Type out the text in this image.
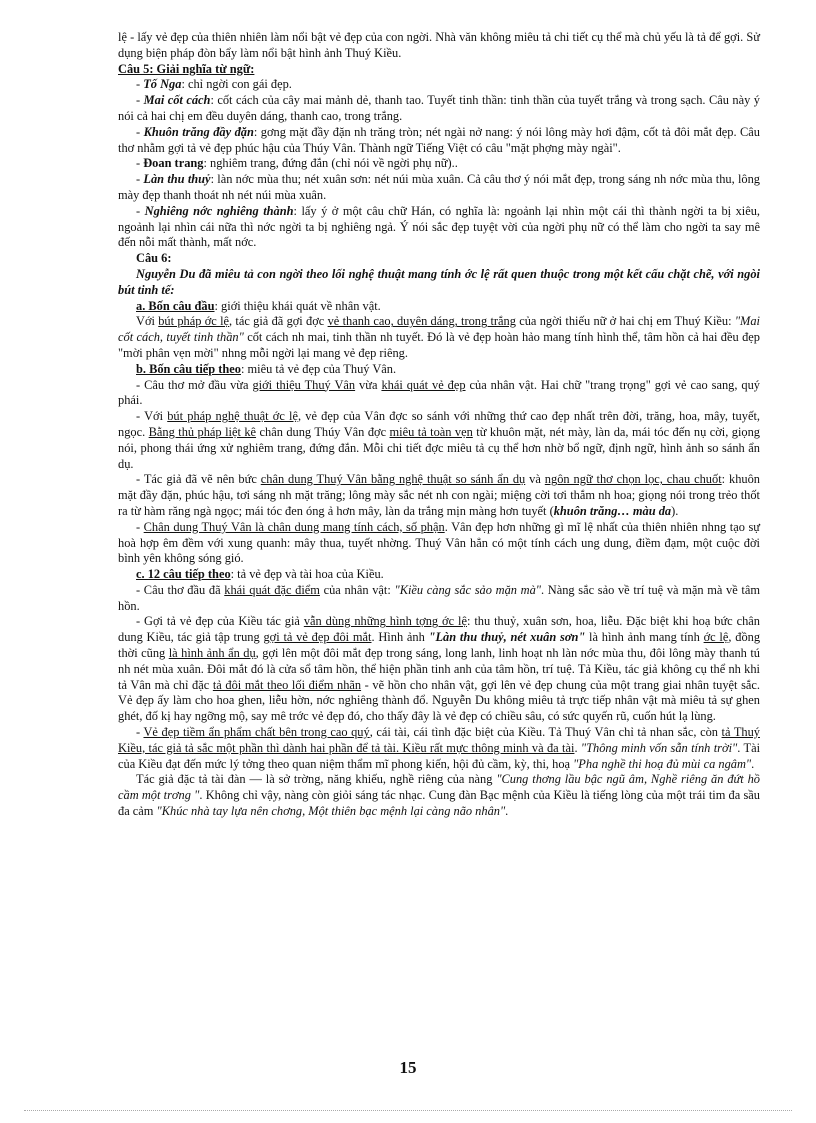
lệ - lấy vẻ đẹp của thiên nhiên làm nổi bật vẻ đẹp của con ngời. Nhà văn không miêu tả chi tiết cụ thể mà chủ yếu là tả để gợi. Sử dụng biện pháp đòn bẩy làm nổi bật hình ảnh Thuý Kiều.

Câu 5: Giải nghĩa từ ngữ:

- Tố Nga: chỉ ngời con gái đẹp.

- Mai cốt cách: cốt cách của cây mai mảnh dẻ, thanh tao. Tuyết tinh thần: tinh thần của tuyết trắng và trong sạch. Câu này ý nói cả hai chị em đều duyên dáng, thanh cao, trong trắng.

- Khuôn trăng đầy đặn: gơng mặt đầy đặn nh trăng tròn; nét ngài nở nang: ý nói lông mày hơi đậm, cốt tả đôi mắt đẹp. Câu thơ nhằm gợi tả vẻ đẹp phúc hậu của Thúy Vân. Thành ngữ Tiếng Việt có câu "mặt phợng mày ngài".

- Đoan trang: nghiêm trang, đứng đắn (chỉ nói về ngời phụ nữ)..

- Làn thu thuỷ: làn nớc mùa thu; nét xuân sơn: nét núi mùa xuân. Cả câu thơ ý nói mắt đẹp, trong sáng nh nớc mùa thu, lông mày đẹp thanh thoát nh nét núi mùa xuân.

- Nghiêng nớc nghiêng thành: lấy ý ở một câu chữ Hán, có nghĩa là: ngoảnh lại nhìn một cái thì thành ngời ta bị xiêu, ngoảnh lại nhìn cái nữa thì nớc ngời ta bị nghiêng ngả. Ý nói sắc đẹp tuyệt vời của ngời phụ nữ có thể làm cho ngời ta say mê đến nỗi mất thành, mất nớc.

Câu 6:

Nguyễn Du đã miêu tả con ngời theo lối nghệ thuật mang tính ớc lệ rất quen thuộc trong một kết cấu chặt chẽ, với ngòi bút tinh tế:

a. Bốn câu đầu: giới thiệu khái quát về nhân vật.

Với bút pháp ớc lệ, tác giả đã gợi đợc vẻ thanh cao, duyên dáng, trong trắng của ngời thiếu nữ ở hai chị em Thuý Kiều: "Mai cốt cách, tuyết tinh thần" cốt cách nh mai, tinh thần nh tuyết. Đó là vẻ đẹp hoàn hảo mang tính hình thể, tâm hồn cả hai đều đẹp "mời phân vẹn mời" nhng mỗi ngời lại mang vẻ đẹp riêng.

b. Bốn câu tiếp theo: miêu tả vẻ đẹp của Thuý Vân.

- Câu thơ mở đầu vừa giới thiệu Thuý Vân vừa khái quát vẻ đẹp của nhân vật. Hai chữ "trang trọng" gợi vẻ cao sang, quý phái.

- Với bút pháp nghệ thuật ớc lệ, vẻ đẹp của Vân đợc so sánh với những thứ cao đẹp nhất trên đời, trăng, hoa, mây, tuyết, ngọc. Bằng thủ pháp liệt kê chân dung Thúy Vân đợc miêu tả toàn vẹn từ khuôn mặt, nét mày, làn da, mái tóc đến nụ cời, giọng nói, phong thái ứng xử nghiêm trang, đứng đắn. Mỗi chi tiết đợc miêu tả cụ thể hơn nhờ bổ ngữ, định ngữ, hình ảnh so sánh ẩn dụ.

- Tác giả đã vẽ nên bức chân dung Thuý Vân bằng nghệ thuật so sánh ẩn dụ và ngôn ngữ thơ chọn lọc, chau chuốt: khuôn mặt đầy đặn, phúc hậu, tơi sáng nh mặt trăng; lông mày sắc nét nh con ngài; miệng cời tơi thắm nh hoa; giọng nói trong trẻo thốt ra từ hàm răng ngà ngọc; mái tóc đen óng ả hơn mây, làn da trắng mịn màng hơn tuyết (khuôn trăng… màu da).

- Chân dung Thuý Vân là chân dung mang tính cách, số phận. Vân đẹp hơn những gì mĩ lệ nhất của thiên nhiên nhng tạo sự hoà hợp êm đềm với xung quanh: mây thua, tuyết nhờng. Thuý Vân hẳn có một tính cách ung dung, điềm đạm, một cuộc đời bình yên không sóng gió.

c. 12 câu tiếp theo: tả vẻ đẹp và tài hoa của Kiều.

- Câu thơ đầu đã khái quát đặc điểm của nhân vật: "Kiều càng sắc sảo mặn mà". Nàng sắc sảo về trí tuệ và mặn mà về tâm hồn.

- Gợi tả vẻ đẹp của Kiều tác giả vẫn dùng những hình tợng ớc lệ: thu thuỷ, xuân sơn, hoa, liễu. Đặc biệt khi hoạ bức chân dung Kiều, tác giả tập trung gợi tả vẻ đẹp đôi mắt. Hình ảnh "Làn thu thuỷ, nét xuân sơn" là hình ảnh mang tính ớc lệ, đồng thời cũng là hình ảnh ẩn dụ, gợi lên một đôi mắt đẹp trong sáng, long lanh, linh hoạt nh làn nớc mùa thu, đôi lông mày thanh tú nh nét mùa xuân. Đôi mắt đó là cửa sổ tâm hồn, thể hiện phần tinh anh của tâm hồn, trí tuệ. Tả Kiều, tác giả không cụ thể nh khi tả Vân mà chỉ đặc tả đôi mắt theo lối điểm nhãn - vẽ hồn cho nhân vật, gợi lên vẻ đẹp chung của một trang giai nhân tuyệt sắc. Vẻ đẹp ấy làm cho hoa ghen, liễu hờn, nớc nghiêng thành đổ. Nguyễn Du không miêu tả trực tiếp nhân vật mà miêu tả sự ghen ghét, đố kị hay ngỡng mộ, say mê trớc vẻ đẹp đó, cho thấy đây là vẻ đẹp có chiều sâu, có sức quyến rũ, cuốn hút lạ lùng.

- Vẻ đẹp tiềm ẩn phẩm chất bên trong cao quý, cái tài, cái tình đặc biệt của Kiều. Tả Thuý Vân chỉ tả nhan sắc, còn tả Thuý Kiều, tác giả tả sắc một phần thì dành hai phần để tả tài. Kiều rất mực thông minh và đa tài. "Thông minh vốn sẵn tính trời". Tài của Kiều đạt đến mức lý tởng theo quan niệm thẩm mĩ phong kiến, hội đủ cầm, kỳ, thi, hoạ "Pha nghề thi hoạ đủ mùi ca ngâm".

Tác giả đặc tả tài đàn — là sở trờng, năng khiếu, nghề riêng của nàng "Cung thơng lầu bậc ngũ âm, Nghề riêng ăn đứt hồ cầm một trơng ". Không chỉ vậy, nàng còn giỏi sáng tác nhạc. Cung đàn Bạc mệnh của Kiều là tiếng lòng của một trái tim đa sầu đa cảm "Khúc nhà tay lựa nên chơng, Một thiên bạc mệnh lại càng não nhân".

15
